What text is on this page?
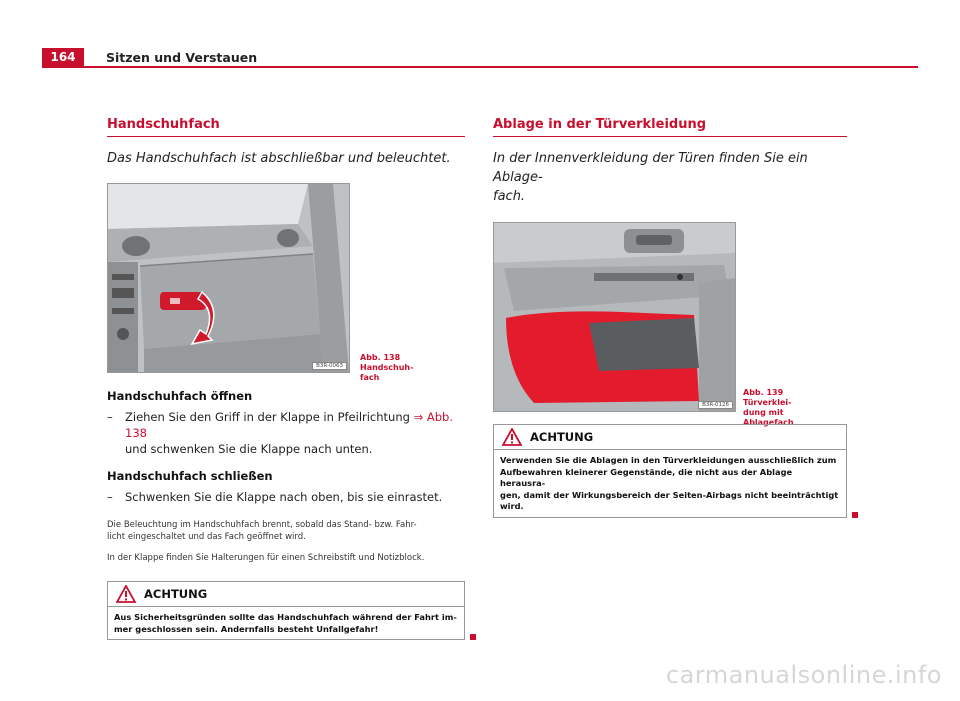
164	Sitzen und Verstauen
Handschuhfach

Das Handschuhfach ist abschließbar und beleuchtet.

B3R-0063
Abb. 138 Handschuh-
fach

Handschuhfach öffnen

–	Ziehen Sie den Griff in der Klappe in Pfeilrichtung ⇒ Abb. 138
und schwenken Sie die Klappe nach unten.

Handschuhfach schließen

–	Schwenken Sie die Klappe nach oben, bis sie einrastet.

Die Beleuchtung im Handschuhfach brennt, sobald das Stand- bzw. Fahr-

licht eingeschaltet und das Fach geöffnet wird.

In der Klappe finden Sie Halterungen für einen Schreibstift und Notizblock.

ACHTUNG
Aus Sicherheitsgründen sollte das Handschuhfach während der Fahrt im-
mer geschlossen sein. Andernfalls besteht Unfallgefahr!
Ablage in der Türverkleidung
In der Innenverkleidung der Türen finden Sie ein Ablage-
fach.
B3R-0126
Abb. 139 Türverklei-
dung mit Ablagefach
ACHTUNG
Verwenden Sie die Ablagen in den Türverkleidungen ausschließlich zum
Aufbewahren kleinerer Gegenstände, die nicht aus der Ablage herausra-
gen, damit der Wirkungsbereich der Seiten-Airbags nicht beeinträchtigt
wird.
carmanualsonline.info
